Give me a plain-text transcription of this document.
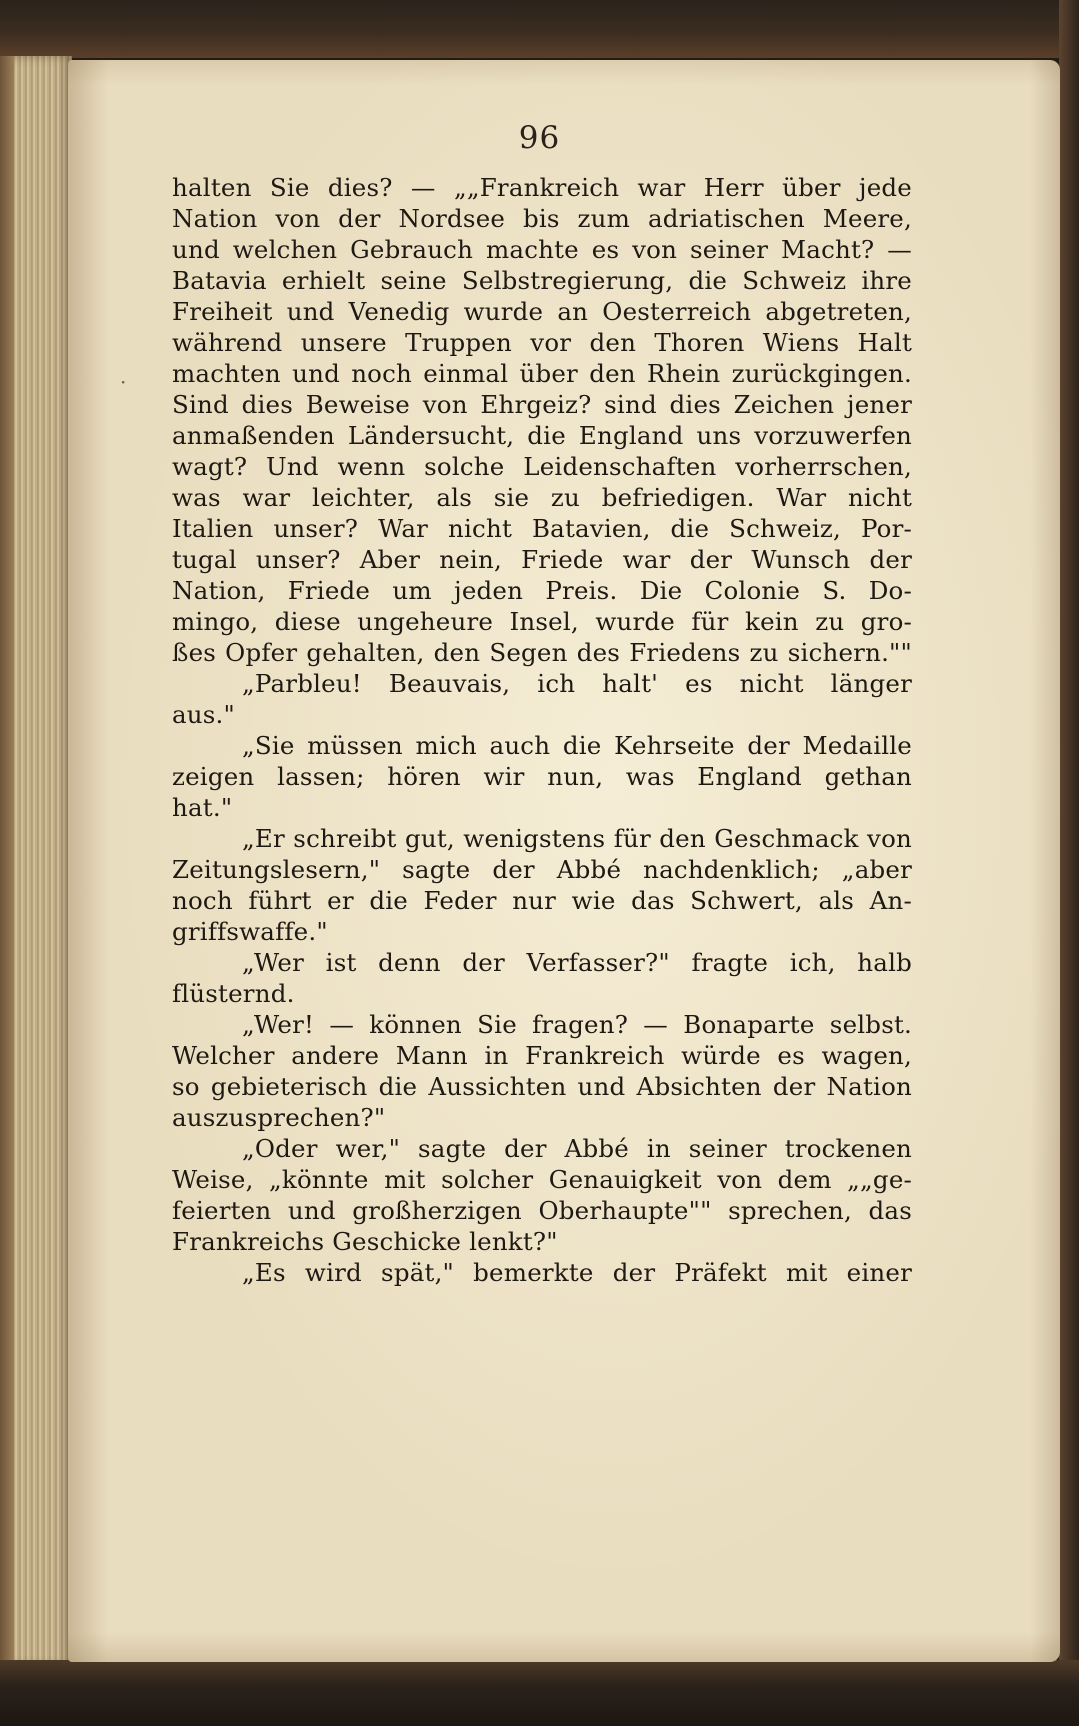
·
96
halten Sie dies? — „„Frankreich war Herr über jede
Nation von der Nordsee bis zum adriatischen Meere,
und welchen Gebrauch machte es von seiner Macht? —
Batavia erhielt seine Selbstregierung, die Schweiz ihre
Freiheit und Venedig wurde an Oesterreich abgetreten,
während unsere Truppen vor den Thoren Wiens Halt
machten und noch einmal über den Rhein zurückgingen.
Sind dies Beweise von Ehrgeiz? sind dies Zeichen jener
anmaßenden Ländersucht, die England uns vorzuwerfen
wagt? Und wenn solche Leidenschaften vorherrschen,
was war leichter, als sie zu befriedigen. War nicht
Italien unser? War nicht Batavien, die Schweiz, Por-
tugal unser? Aber nein, Friede war der Wunsch der
Nation, Friede um jeden Preis. Die Colonie S. Do-
mingo, diese ungeheure Insel, wurde für kein zu gro-
ßes Opfer gehalten, den Segen des Friedens zu sichern.""
„Parbleu! Beauvais, ich halt' es nicht länger
aus."
„Sie müssen mich auch die Kehrseite der Medaille
zeigen lassen; hören wir nun, was England gethan
hat."
„Er schreibt gut, wenigstens für den Geschmack von
Zeitungslesern," sagte der Abbé nachdenklich; „aber
noch führt er die Feder nur wie das Schwert, als An-
griffswaffe."
„Wer ist denn der Verfasser?" fragte ich, halb
flüsternd.
„Wer! — können Sie fragen? — Bonaparte selbst.
Welcher andere Mann in Frankreich würde es wagen,
so gebieterisch die Aussichten und Absichten der Nation
auszusprechen?"
„Oder wer," sagte der Abbé in seiner trockenen
Weise, „könnte mit solcher Genauigkeit von dem „„ge-
feierten und großherzigen Oberhaupte"" sprechen, das
Frankreichs Geschicke lenkt?"
„Es wird spät," bemerkte der Präfekt mit einer
